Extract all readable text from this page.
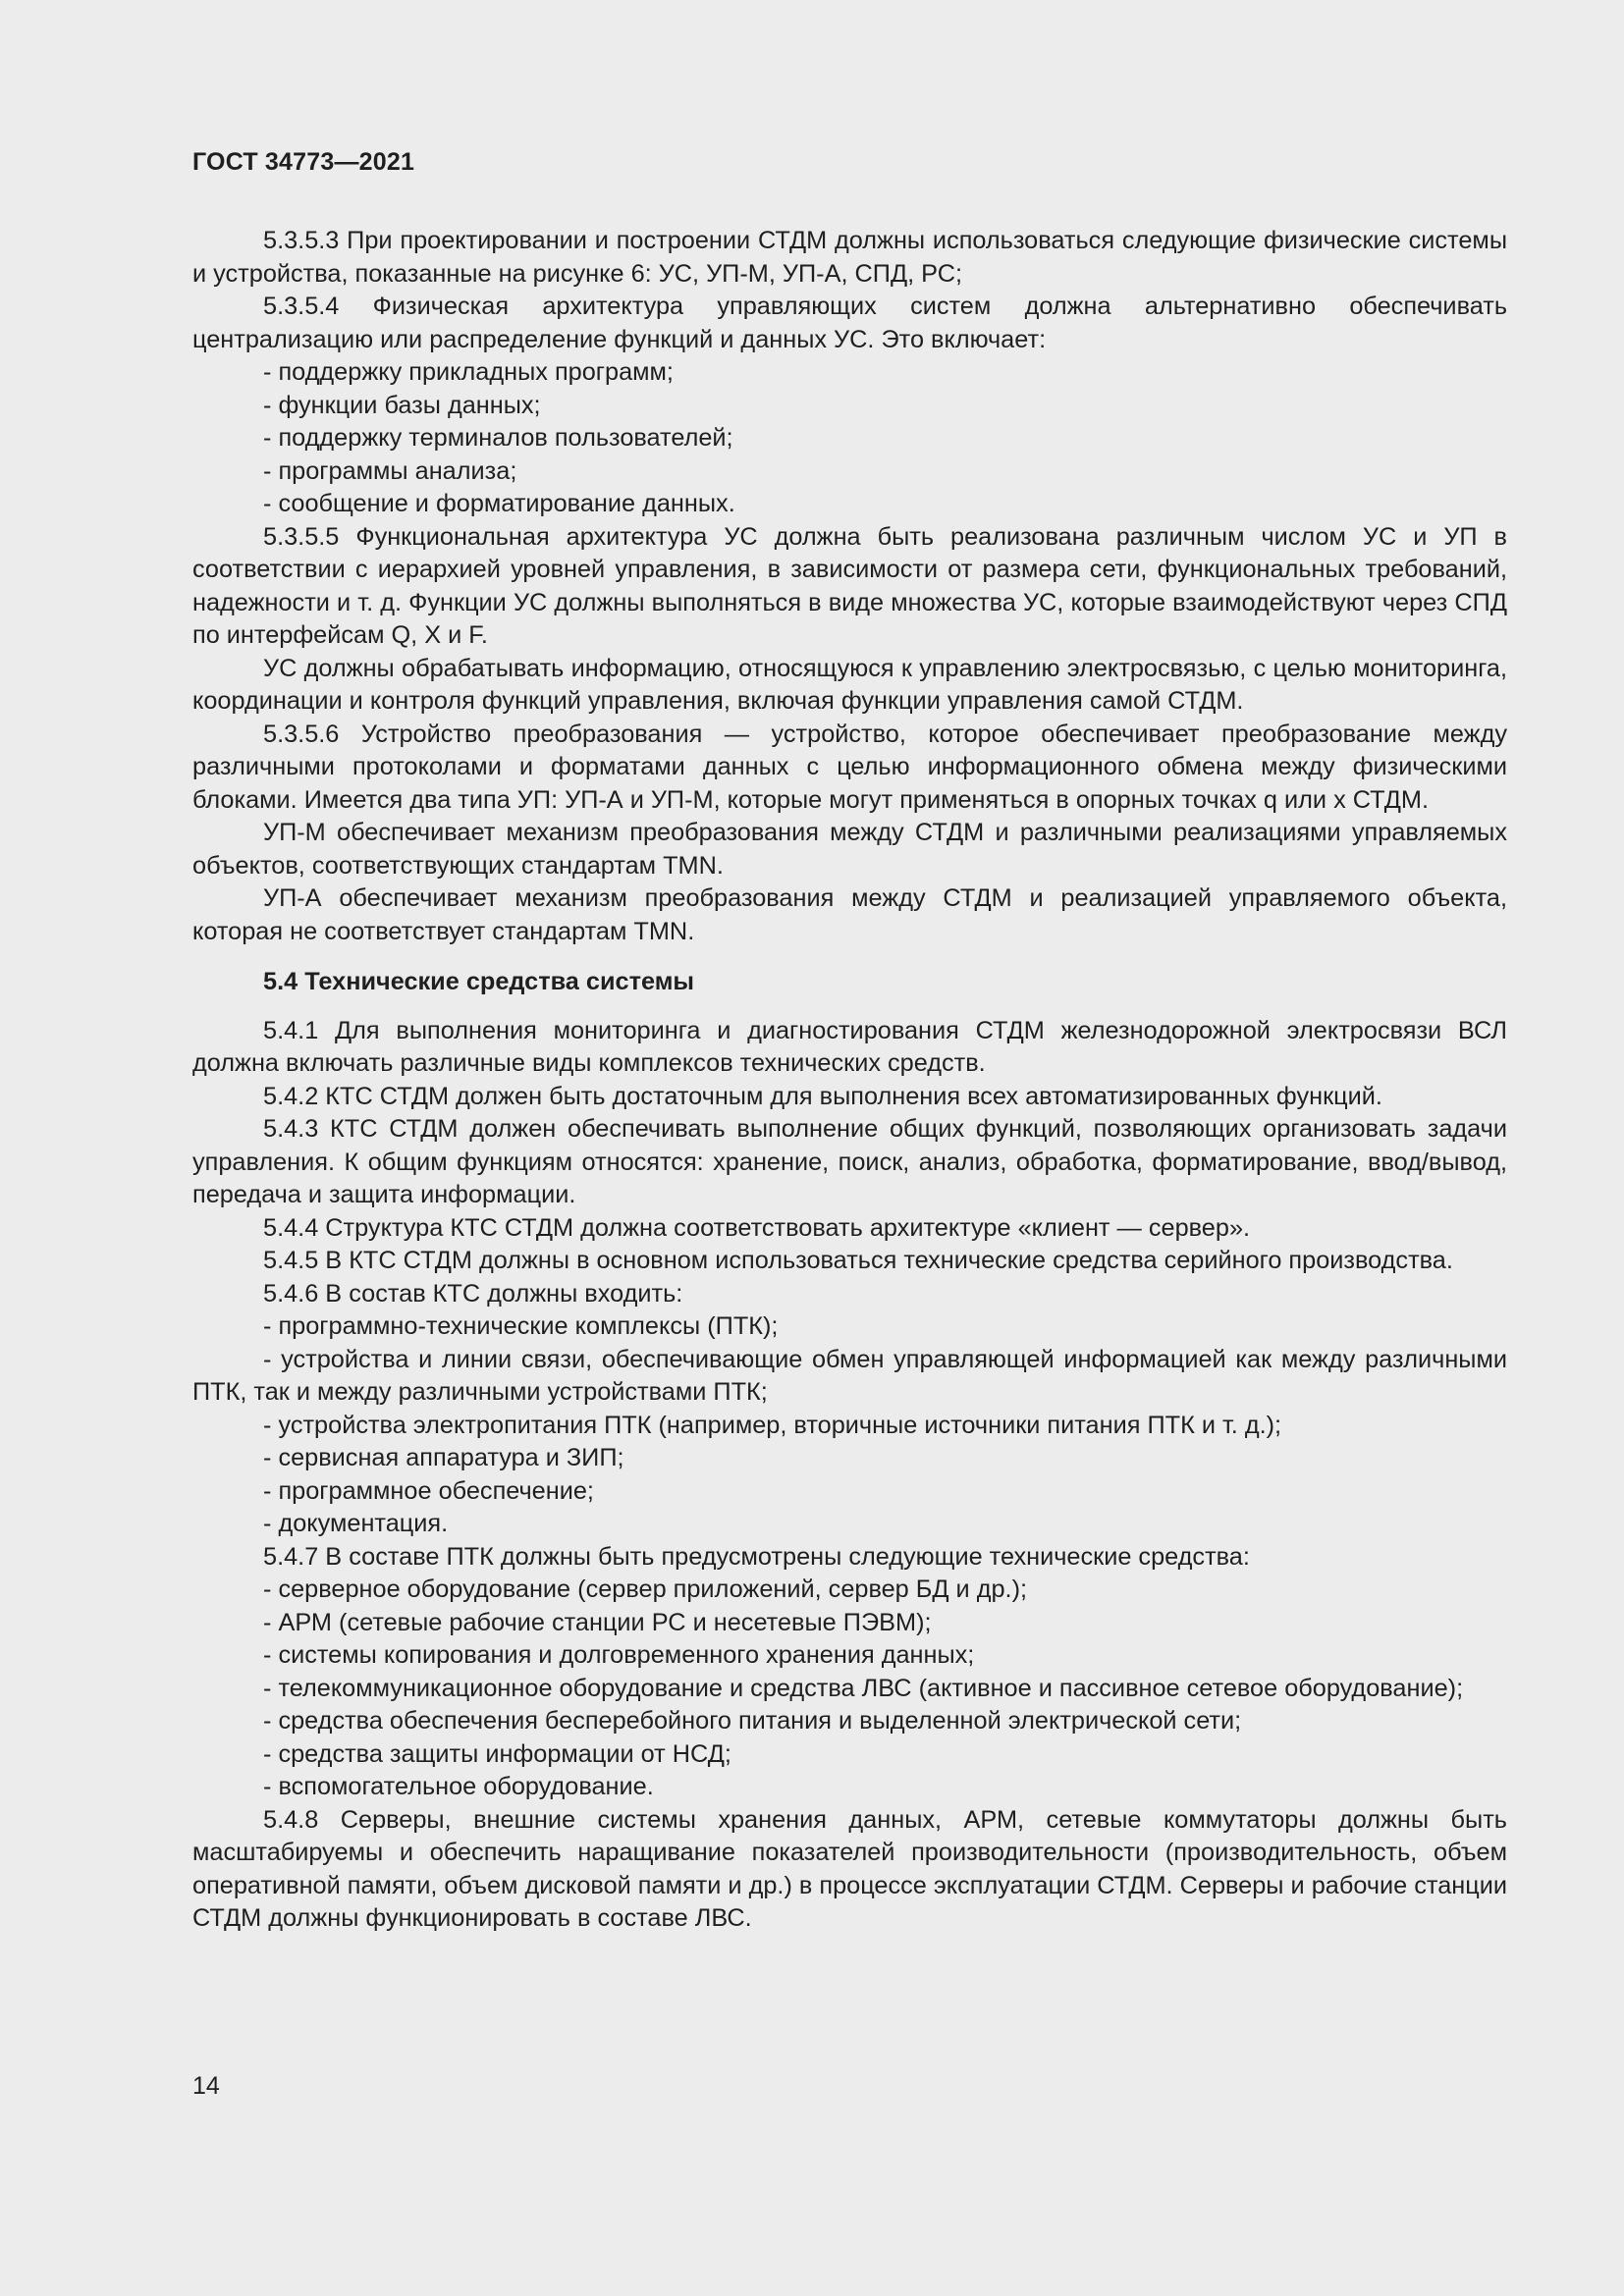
ГОСТ 34773—2021

5.3.5.3 При проектировании и построении СТДМ должны использоваться следующие физические системы и устройства, показанные на рисунке 6: УС, УП-М, УП-А, СПД, РС;

5.3.5.4 Физическая архитектура управляющих систем должна альтернативно обеспечивать централизацию или распределение функций и данных УС. Это включает:

- поддержку прикладных программ;
- функции базы данных;
- поддержку терминалов пользователей;
- программы анализа;
- сообщение и форматирование данных.

5.3.5.5 Функциональная архитектура УС должна быть реализована различным числом УС и УП в соответствии с иерархией уровней управления, в зависимости от размера сети, функциональных требований, надежности и т. д. Функции УС должны выполняться в виде множества УС, которые взаимодействуют через СПД по интерфейсам Q, X и F.

УС должны обрабатывать информацию, относящуюся к управлению электросвязью, с целью мониторинга, координации и контроля функций управления, включая функции управления самой СТДМ.

5.3.5.6 Устройство преобразования — устройство, которое обеспечивает преобразование между различными протоколами и форматами данных с целью информационного обмена между физическими блоками. Имеется два типа УП: УП-А и УП-М, которые могут применяться в опорных точках q или x СТДМ.

УП-М обеспечивает механизм преобразования между СТДМ и различными реализациями управляемых объектов, соответствующих стандартам TMN.

УП-А обеспечивает механизм преобразования между СТДМ и реализацией управляемого объекта, которая не соответствует стандартам TMN.

5.4 Технические средства системы

5.4.1 Для выполнения мониторинга и диагностирования СТДМ железнодорожной электросвязи ВСЛ должна включать различные виды комплексов технических средств.

5.4.2 КТС СТДМ должен быть достаточным для выполнения всех автоматизированных функций.

5.4.3 КТС СТДМ должен обеспечивать выполнение общих функций, позволяющих организовать задачи управления. К общим функциям относятся: хранение, поиск, анализ, обработка, форматирование, ввод/вывод, передача и защита информации.

5.4.4 Структура КТС СТДМ должна соответствовать архитектуре «клиент — сервер».

5.4.5 В КТС СТДМ должны в основном использоваться технические средства серийного производства.

5.4.6 В состав КТС должны входить:

- программно-технические комплексы (ПТК);

- устройства и линии связи, обеспечивающие обмен управляющей информацией как между различными ПТК, так и между различными устройствами ПТК;

- устройства электропитания ПТК (например, вторичные источники питания ПТК и т. д.);

- сервисная аппаратура и ЗИП;

- программное обеспечение;

- документация.

5.4.7 В составе ПТК должны быть предусмотрены следующие технические средства:

- серверное оборудование (сервер приложений, сервер БД и др.);

- АРМ (сетевые рабочие станции РС и несетевые ПЭВМ);

- системы копирования и долговременного хранения данных;

- телекоммуникационное оборудование и средства ЛВС (активное и пассивное сетевое оборудование);

- средства обеспечения бесперебойного питания и выделенной электрической сети;

- средства защиты информации от НСД;

- вспомогательное оборудование.

5.4.8 Серверы, внешние системы хранения данных, АРМ, сетевые коммутаторы должны быть масштабируемы и обеспечить наращивание показателей производительности (производительность, объем оперативной памяти, объем дисковой памяти и др.) в процессе эксплуатации СТДМ. Серверы и рабочие станции СТДМ должны функционировать в составе ЛВС.

14
